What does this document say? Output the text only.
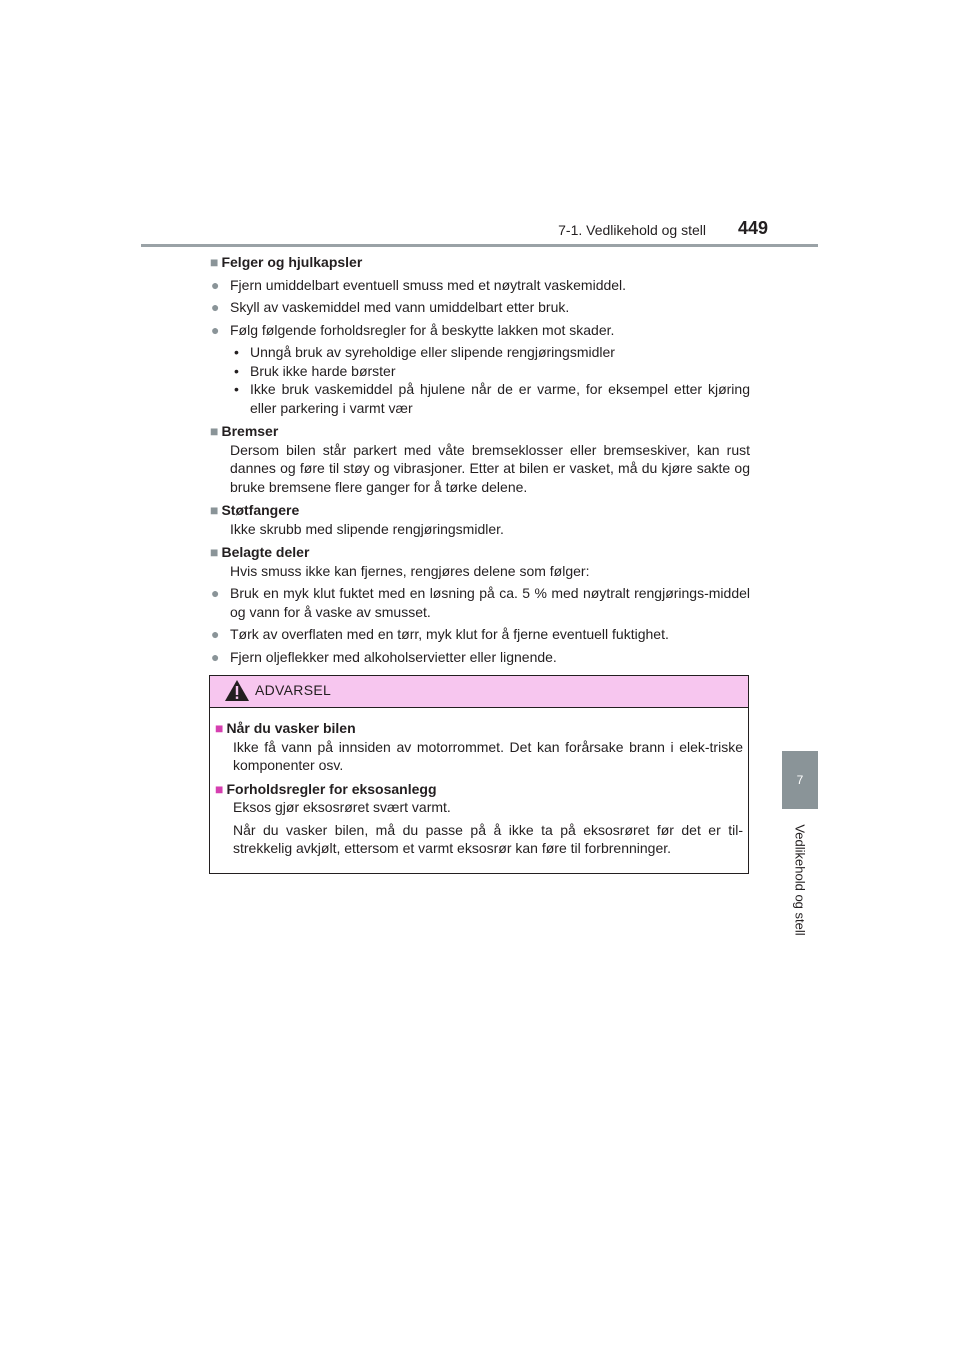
7-1. Vedlikehold og stell 449
7
Vedlikehold og stell
■ Felger og hjulkapsler
● Fjern umiddelbart eventuell smuss med et nøytralt vaskemiddel.
● Skyll av vaskemiddel med vann umiddelbart etter bruk.
● Følg følgende forholdsregler for å beskytte lakken mot skader.
• Unngå bruk av syreholdige eller slipende rengjøringsmidler
• Bruk ikke harde børster
• Ikke bruk vaskemiddel på hjulene når de er varme, for eksempel etter kjøring eller parkering i varmt vær
■ Bremser
Dersom bilen står parkert med våte bremseklosser eller bremseskiver, kan rust dannes og føre til støy og vibrasjoner. Etter at bilen er vasket, må du kjøre sakte og bruke bremsene flere ganger for å tørke delene.
■ Støtfangere
Ikke skrubb med slipende rengjøringsmidler.
■ Belagte deler
Hvis smuss ikke kan fjernes, rengjøres delene som følger:
● Bruk en myk klut fuktet med en løsning på ca. 5 % med nøytralt rengjørings-middel og vann for å vaske av smusset.
● Tørk av overflaten med en tørr, myk klut for å fjerne eventuell fuktighet.
● Fjern oljeflekker med alkoholservietter eller lignende.
ADVARSEL
■ Når du vasker bilen
Ikke få vann på innsiden av motorrommet. Det kan forårsake brann i elek-triske komponenter osv.
■ Forholdsregler for eksosanlegg
Eksos gjør eksosrøret svært varmt.
Når du vasker bilen, må du passe på å ikke ta på eksosrøret før det er til-strekkelig avkjølt, ettersom et varmt eksosrør kan føre til forbrenninger.
